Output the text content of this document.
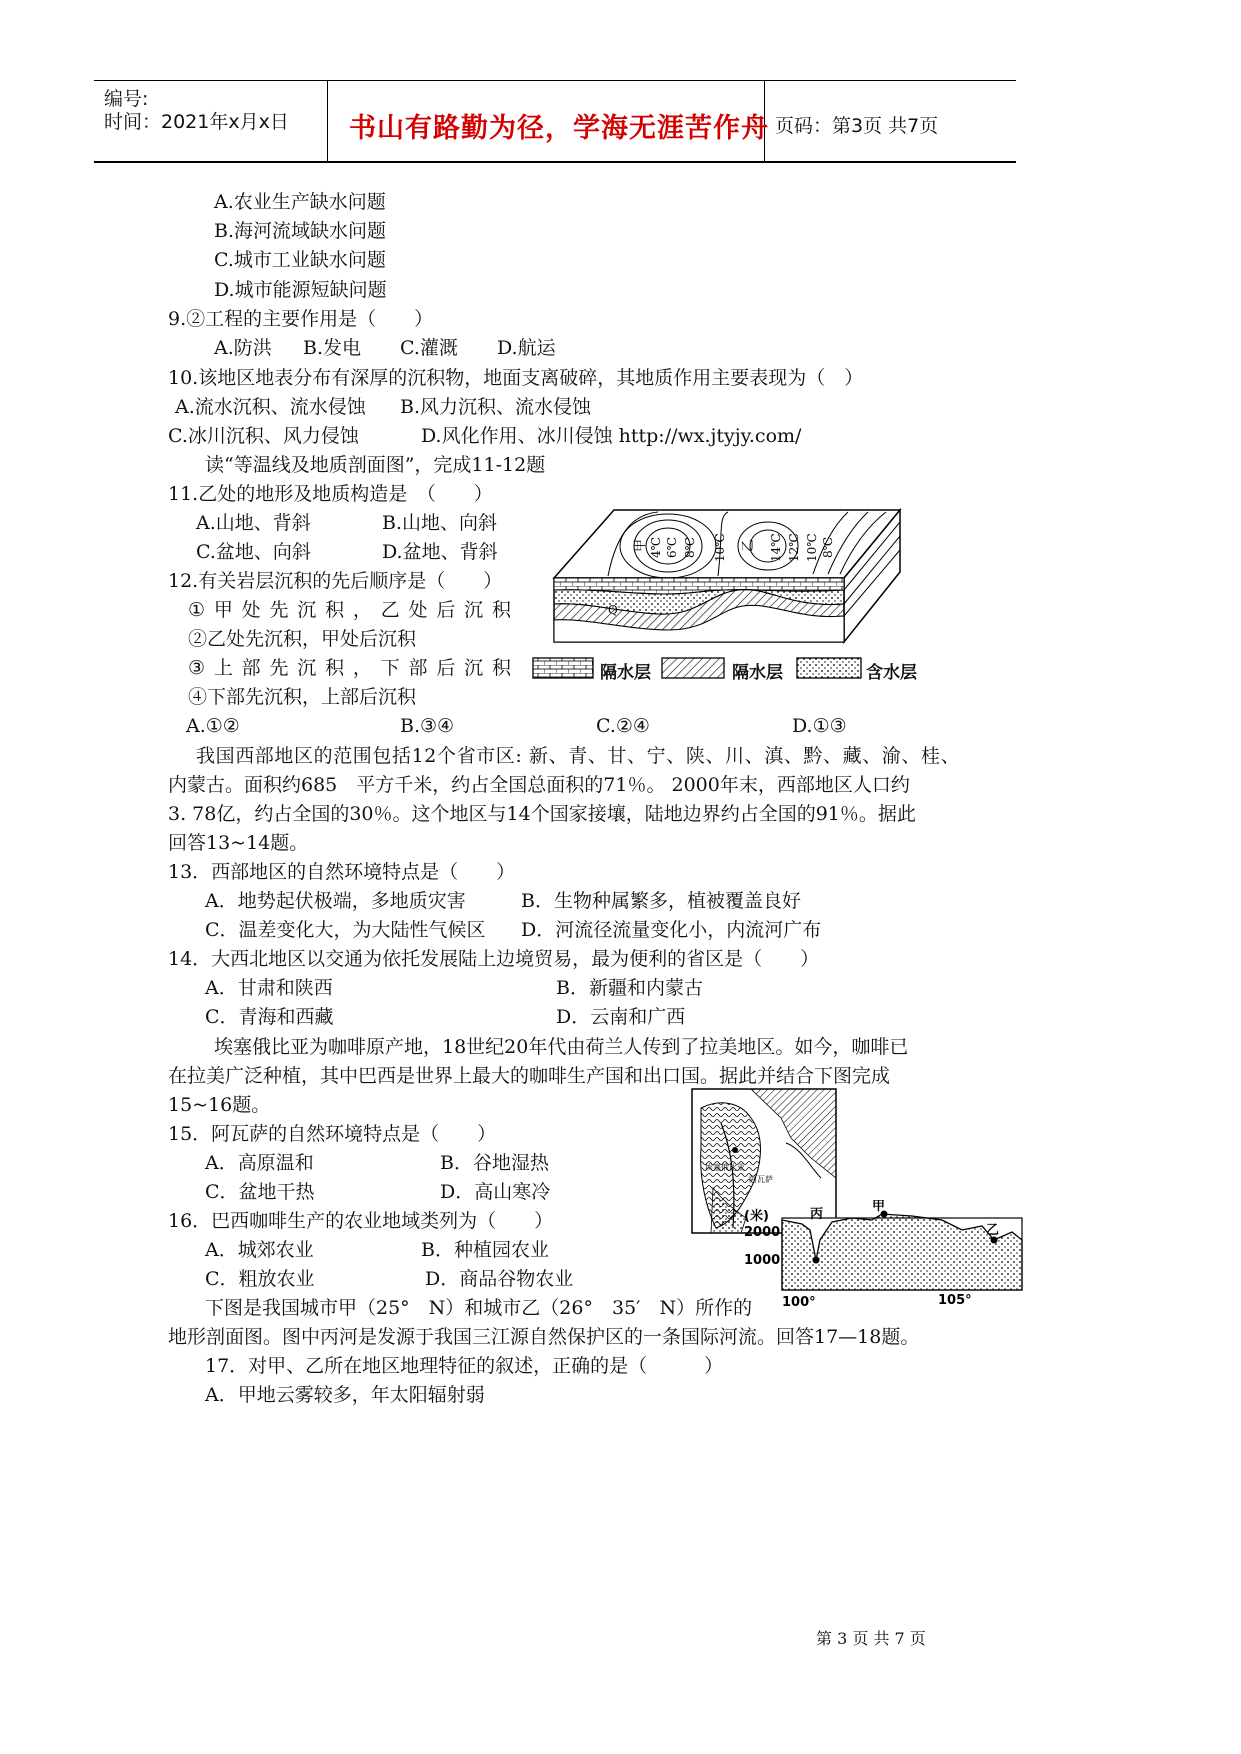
编号:
时间：2021年x月x日 书山有路勤为径，学海无涯苦作舟 页码：第3页 共7页
A.农业生产缺水问题
B.海河流域缺水问题
C.城市工业缺水问题
D.城市能源短缺问题
9.②工程的主要作用是（　　）
A.防洪 B.发电 C.灌溉 D.航运
10.该地区地表分布有深厚的沉积物，地面支离破碎，其地质作用主要表现为（　）
A.流水沉积、流水侵蚀 B.风力沉积、流水侵蚀
C.冰川沉积、风力侵蚀	D.风化作用、冰川侵蚀 http://wx.jtyjy.com/
读“等温线及地质剖面图”，完成11-12题
11.乙处的地形及地质构造是　（　　）
A.山地、背斜	B.山地、向斜
C.盆地、向斜	D.盆地、背斜
12.有关岩层沉积的先后顺序是（　　）
① 甲 处 先 沉 积 ， 乙 处 后 沉 积
②乙处先沉积，甲处后沉积
③ 上 部 先 沉 积 ， 下 部 后 沉 积
④下部先沉积，上部后沉积
A.①②	B.③④	C.②④	D.①③
甲 4℃ 6℃ 8℃ 10℃ 乙 14℃ 12℃ 10℃ 8℃
Q
隔水层	隔水层	含水层
我国西部地区的范围包括12个省市区: 新、青、甘、宁、陕、川、滇、黔、藏、渝、桂、
内蒙古。面积约685　平方千米，约占全国总面积的71％。 2000年末，西部地区人口约
3. 78亿，约占全国的30％。这个地区与14个国家接壤，陆地边界约占全国的91％。据此
回答13~14题。
13．西部地区的自然环境特点是（　　）
A．地势起伏极端，多地质灾害	B．生物种属繁多，植被覆盖良好
C．温差变化大，为大陆性气候区 D．河流径流量变化小，内流河广布
14．大西北地区以交通为依托发展陆上边境贸易，最为便利的省区是（　　）
A．甘肃和陕西	B．新疆和内蒙古
C．青海和西藏	D．云南和广西
埃塞俄比亚为咖啡原产地，18世纪20年代由荷兰人传到了拉美地区。如今，咖啡已
在拉美广泛种植，其中巴西是世界上最大的咖啡生产国和出口国。据此并结合下图完成
15~16题。
15．阿瓦萨的自然环境特点是（　　）
A．高原温和	B．谷地湿热
C．盆地干热	D．高山寒冷
16．巴西咖啡生产的农业地域类列为（　　）
A．城郊农业	B．种植园农业
C．粗放农业	D．商品谷物农业
埃塞俄比亚
阿瓦萨
(米)
2000
1000
丙
甲
乙
100°	105°
下图是我国城市甲（25°　N）和城市乙（26°　35′　N）所作的
地形剖面图。图中丙河是发源于我国三江源自然保护区的一条国际河流。回答17—18题。
17．对甲、乙所在地区地理特征的叙述，正确的是（　　　）
A．甲地云雾较多，年太阳辐射弱
第 3 页 共 7 页
